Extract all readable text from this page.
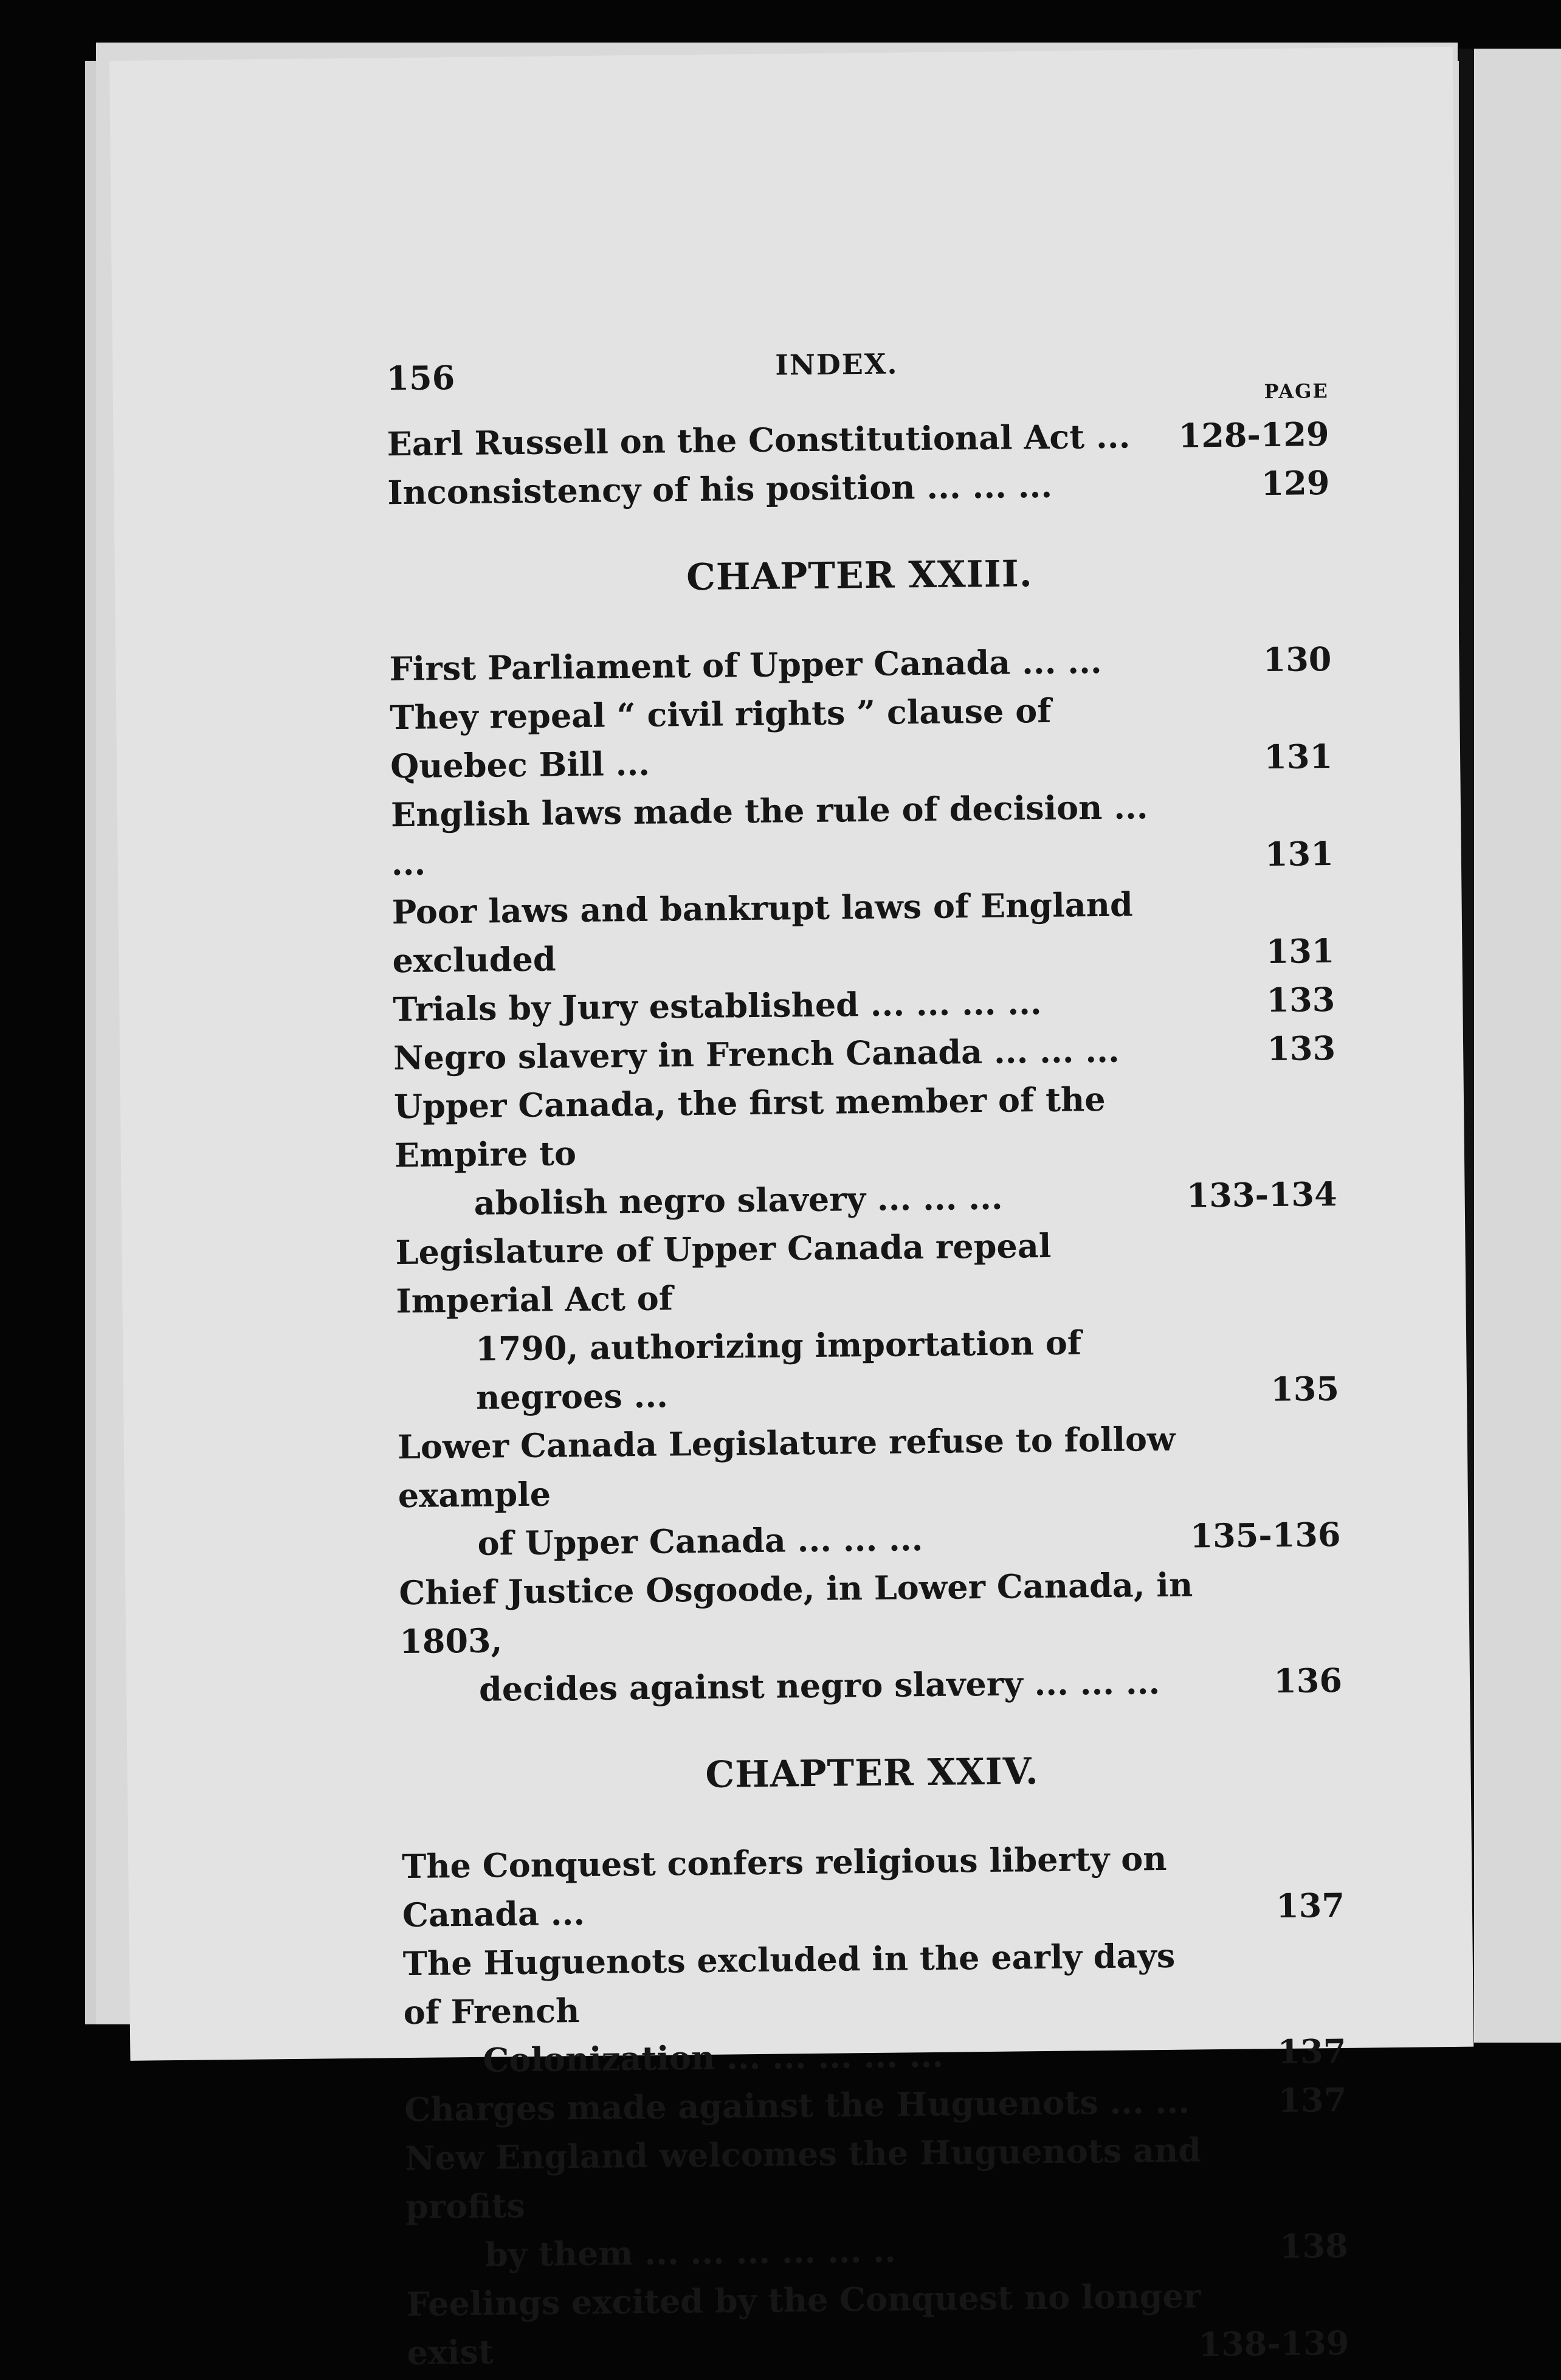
156	INDEX.
PAGE
Earl Russell on the Constitutional Act ... 128-129
Inconsistency of his position ... ... ...	129
CHAPTER XXIII.
First Parliament of Upper Canada ... ...	130
They repeal “ civil rights ” clause of Quebec Bill ...	131
English laws made the rule of decision ... ...	131
Poor laws and bankrupt laws of England excluded	131
Trials by Jury established ... ... ... ...	133
Negro slavery in French Canada ... ... ...	133
Upper Canada, the first member of the Empire to
abolish negro slavery ... ... ...	133-134
Legislature of Upper Canada repeal Imperial Act of
1790, authorizing importation of negroes ...	135
Lower Canada Legislature refuse to follow example
of Upper Canada ... ... ...	135-136
Chief Justice Osgoode, in Lower Canada, in 1803,
decides against negro slavery ... ... ...	136
CHAPTER XXIV.
The Conquest confers religious liberty on Canada ...	137
The Huguenots excluded in the early days of French
Colonization ... ... ... ... ...	137
Charges made against the Huguenots ... ...	137
New England welcomes the Huguenots and profits
by them ... ... ... ... ... ..	138
Feelings excited by the Conquest no longer exist	138-139
